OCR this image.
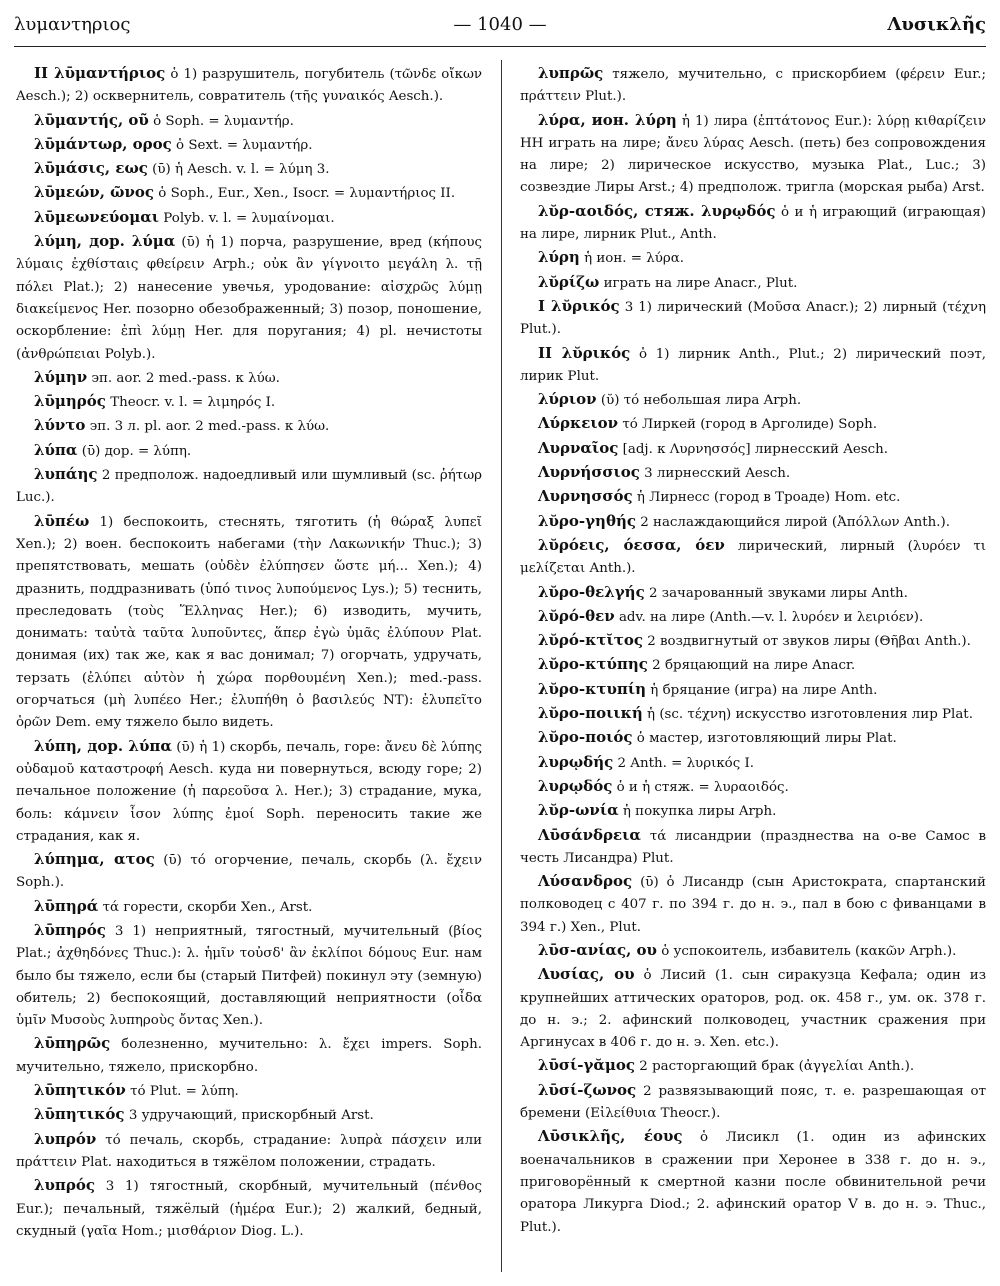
λυμαντηριος	— 1040 —	Λυσικλῆς

II λῡμαντήριος ὁ 1) разрушитель, погубитель (τῶνδε οἴκων Aesch.); 2) осквернитель, совратитель (τῆς γυναικός Aesch.).

λῡμαντής, οῦ ὁ Soph. = λυμαντήρ.

λῡμάντωρ, ορος ὁ Sext. = λυμαντήρ.

λῡμάσις, εως (ῡ) ἡ Aesch. v. l. = λύμη 3.

λῡμεών, ῶνος ὁ Soph., Eur., Xen., Isocr. = λυμαντήριος II.

λῡμεωνεύομαι Polyb. v. l. = λυμαίνομαι.

λύμη, дор. λύμα (ῡ) ἡ 1) порча, разрушение, вред (κήπους λύμαις ἐχθίσταις φθείρειν Arph.; οὐκ ἂν γίγνοιτο μεγάλη λ. τῇ πόλει Plat.); 2) нанесение увечья, уродование: αἰσχρῶς λύμῃ διακείμενος Her. позорно обезображенный; 3) позор, поношение, оскорбление: ἐπὶ λύμῃ Her. для поругания; 4) pl. нечистоты (ἀνθρώπειαι Polyb.).

λύμην эп. aor. 2 med.-pass. к λύω.

λῡμηρός Theocr. v. l. = λιμηρός I.

λύντο эп. 3 л. pl. aor. 2 med.-pass. к λύω.

λύπα (ῡ) дор. = λύπη.

λυπάης 2 предполож. надоедливый или шумливый (sc. ῥήτωρ Luc.).

λῡπέω 1) беспокоить, стеснять, тяготить (ἡ θώραξ λυπεῖ Xen.); 2) воен. беспокоить набегами (τὴν Λακωνικήν Thuc.); 3) препятствовать, мешать (οὐδὲν ἐλύπησεν ὥστε μή... Xen.); 4) дразнить, поддразнивать (ὑπό τινος λυπούμενος Lys.); 5) теснить, преследовать (τοὺς Ἕλληνας Her.); 6) изводить, мучить, донимать: ταὐτὰ ταῦτα λυποῦντες, ἅπερ ἐγὼ ὑμᾶς ἐλύπουν Plat. донимая (их) так же, как я вас донимал; 7) огорчать, удручать, терзать (ἐλύπει αὐτὸν ἡ χώρα πορθουμένη Xen.); med.-pass. огорчаться (μὴ λυπέεο Her.; ἐλυπήθη ὁ βασιλεύς NT): ἐλυπεῖτο ὁρῶν Dem. ему тяжело было видеть.

λύπη, дор. λύπα (ῡ) ἡ 1) скорбь, печаль, горе: ἄνευ δὲ λύπης οὐδαμοῦ καταστροφή Aesch. куда ни повернуться, всюду горе; 2) печальное положение (ἡ παρεοῦσα λ. Her.); 3) страдание, мука, боль: κάμνειν ἶσον λύπης ἐμοί Soph. переносить такие же страдания, как я.

λύπημα, ατος (ῡ) τό огорчение, печаль, скорбь (λ. ἔχειν Soph.).

λῡπηρά τά горести, скорби Xen., Arst.

λῡπηρός 3 1) неприятный, тягостный, мучительный (βίος Plat.; ἀχθηδόνες Thuc.): λ. ἡμῖν τοὐσδ' ἂν ἐκλίποι δόμους Eur. нам было бы тяжело, если бы (старый Питфей) покинул эту (земную) обитель; 2) беспокоящий, доставляющий неприятности (οἶδα ὑμῖν Μυσοὺς λυπηροὺς ὄντας Xen.).

λῡπηρῶς болезненно, мучительно: λ. ἔχει impers. Soph. мучительно, тяжело, прискорбно.

λῡπητικόν τό Plut. = λύπη.

λῡπητικός 3 удручающий, прискорбный Arst.

λυπρόν τό печаль, скорбь, страдание: λυπρὰ πάσχειν или πράττειν Plat. находиться в тяжёлом положении, страдать.

λυπρός 3 1) тягостный, скорбный, мучительный (πένθος Eur.); печальный, тяжёлый (ἡμέρα Eur.); 2) жалкий, бедный, скудный (γαῖα Hom.; μισθάριον Diog. L.).

λυπρῶς тяжело, мучительно, с прискорбием (φέρειν Eur.; πράττειν Plut.).

λύρα, ион. λύρη ἡ 1) лира (ἑπτάτονος Eur.): λύρῃ κιθαρίζειν HH играть на лире; ἄνευ λύρας Aesch. (петь) без сопровождения на лире; 2) лирическое искусство, музыка Plat., Luc.; 3) созвездие Лиры Arst.; 4) предполож. тригла (морская рыба) Arst.

λῠρ-αοιδός, стяж. λυρῳδός ὁ и ἡ играющий (играющая) на лире, лирник Plut., Anth.

λύρη ἡ ион. = λύρα.

λῠρίζω играть на лире Anacr., Plut.

I λῠρικός 3 1) лирический (Μοῦσα Anacr.); 2) лирный (τέχνη Plut.).

II λῠρικός ὁ 1) лирник Anth., Plut.; 2) лирический поэт, лирик Plut.

λύριον (ῠ) τό небольшая лира Arph.

Λύρκειον τό Лиркей (город в Арголиде) Soph.

Λυρναῖος [adj. к Λυρνησσός] лирнесский Aesch.

Λυρνήσσιος 3 лирнесский Aesch.

Λυρνησσός ἡ Лирнесс (город в Троаде) Hom. etc.

λῠρο-γηθής 2 наслаждающийся лирой (Ἀπόλλων Anth.).

λῠρόεις, όεσσα, όεν лирический, лирный (λυρόεν τι μελίζεται Anth.).

λῠρο-θελγής 2 зачарованный звуками лиры Anth.

λῠρό-θεν adv. на лире (Anth.—v. l. λυρόεν и λειριόεν).

λῠρό-κτῐτος 2 воздвигнутый от звуков лиры (Θῆβαι Anth.).

λῠρο-κτύπης 2 бряцающий на лире Anacr.

λῠρο-κτυπίη ἡ бряцание (игра) на лире Anth.

λῠρο-ποιική ἡ (sc. τέχνη) искусство изготовления лир Plat.

λῠρο-ποιός ὁ мастер, изготовляющий лиры Plat.

λυρῳδής 2 Anth. = λυρικός I.

λυρῳδός ὁ и ἡ стяж. = λυραοιδός.

λῠρ-ωνία ἡ покупка лиры Arph.

Λῡσάνδρεια τά лисандрии (празднества на о-ве Самос в честь Лисандра) Plut.

Λύσανδρος (ῡ) ὁ Лисандр (сын Аристократа, спартанский полководец с 407 г. по 394 г. до н. э., пал в бою с фиванцами в 394 г.) Xen., Plut.

λῡσ-ανίας, ου ὁ успокоитель, избавитель (κακῶν Arph.).

Λυσίας, ου ὁ Лисий (1. сын сиракузца Кефала; один из крупнейших аттических ораторов, род. ок. 458 г., ум. ок. 378 г. до н. э.; 2. афинский полководец, участник сражения при Аргинусах в 406 г. до н. э. Xen. etc.).

λῡσί-γᾰμος 2 расторгающий брак (ἀγγελίαι Anth.).

λῡσί-ζωνος 2 развязывающий пояс, т. е. разрешающая от бремени (Εἰλείθυια Theocr.).

Λῡσικλῆς, έους ὁ Лисикл (1. один из афинских военачальников в сражении при Херонее в 338 г. до н. э., приговорённый к смертной казни после обвинительной речи оратора Ликурга Diod.; 2. афинский оратор V в. до н. э. Thuc., Plut.).
